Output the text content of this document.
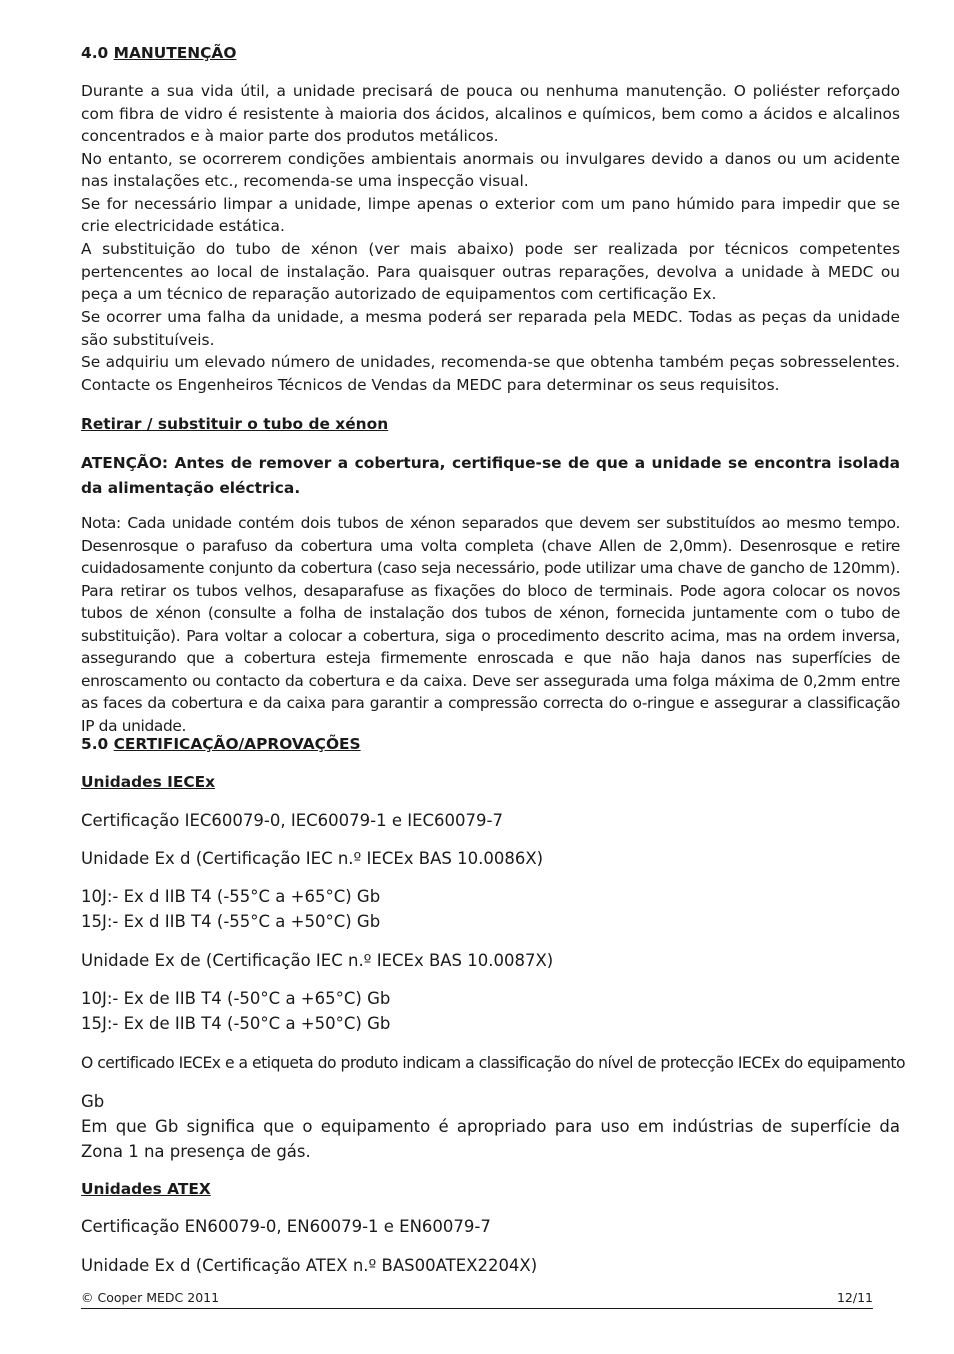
4.0 MANUTENÇÃO
Durante a sua vida útil, a unidade precisará de pouca ou nenhuma manutenção. O poliéster reforçado com fibra de vidro é resistente à maioria dos ácidos, alcalinos e químicos, bem como a ácidos e alcalinos concentrados e à maior parte dos produtos metálicos.
No entanto, se ocorrerem condições ambientais anormais ou invulgares devido a danos ou um acidente nas instalações etc., recomenda-se uma inspecção visual.
Se for necessário limpar a unidade, limpe apenas o exterior com um pano húmido para impedir que se crie electricidade estática.
A substituição do tubo de xénon (ver mais abaixo) pode ser realizada por técnicos competentes pertencentes ao local de instalação. Para quaisquer outras reparações, devolva a unidade à MEDC ou peça a um técnico de reparação autorizado de equipamentos com certificação Ex.
Se ocorrer uma falha da unidade, a mesma poderá ser reparada pela MEDC. Todas as peças da unidade são substituíveis.
Se adquiriu um elevado número de unidades, recomenda-se que obtenha também peças sobresselentes. Contacte os Engenheiros Técnicos de Vendas da MEDC para determinar os seus requisitos.
Retirar / substituir o tubo de xénon
ATENÇÃO: Antes de remover a cobertura, certifique-se de que a unidade se encontra isolada da alimentação eléctrica.
Nota: Cada unidade contém dois tubos de xénon separados que devem ser substituídos ao mesmo tempo. Desenrosque o parafuso da cobertura uma volta completa (chave Allen de 2,0mm). Desenrosque e retire cuidadosamente conjunto da cobertura (caso seja necessário, pode utilizar uma chave de gancho de 120mm). Para retirar os tubos velhos, desaparafuse as fixações do bloco de terminais. Pode agora colocar os novos tubos de xénon (consulte a folha de instalação dos tubos de xénon, fornecida juntamente com o tubo de substituição). Para voltar a colocar a cobertura, siga o procedimento descrito acima, mas na ordem inversa, assegurando que a cobertura esteja firmemente enroscada e que não haja danos nas superfícies de enroscamento ou contacto da cobertura e da caixa. Deve ser assegurada uma folga máxima de 0,2mm entre as faces da cobertura e da caixa para garantir a compressão correcta do o-ringue e assegurar a classificação IP da unidade.
5.0 CERTIFICAÇÃO/APROVAÇÕES
Unidades IECEx
Certificação IEC60079-0, IEC60079-1 e IEC60079-7
Unidade Ex d (Certificação IEC n.º IECEx BAS 10.0086X)
10J:- Ex d IIB T4 (-55°C a +65°C) Gb
15J:- Ex d IIB T4 (-55°C a +50°C) Gb
Unidade Ex de (Certificação IEC n.º IECEx BAS 10.0087X)
10J:- Ex de IIB T4 (-50°C a +65°C) Gb
15J:- Ex de IIB T4 (-50°C a +50°C) Gb
O certificado IECEx e a etiqueta do produto indicam a classificação do nível de protecção IECEx do equipamento
Gb
Em que Gb significa que o equipamento é apropriado para uso em indústrias de superfície da Zona 1 na presença de gás.
Unidades ATEX
Certificação EN60079-0, EN60079-1 e EN60079-7
Unidade Ex d (Certificação ATEX n.º BAS00ATEX2204X)
© Cooper MEDC 2011	12/11
